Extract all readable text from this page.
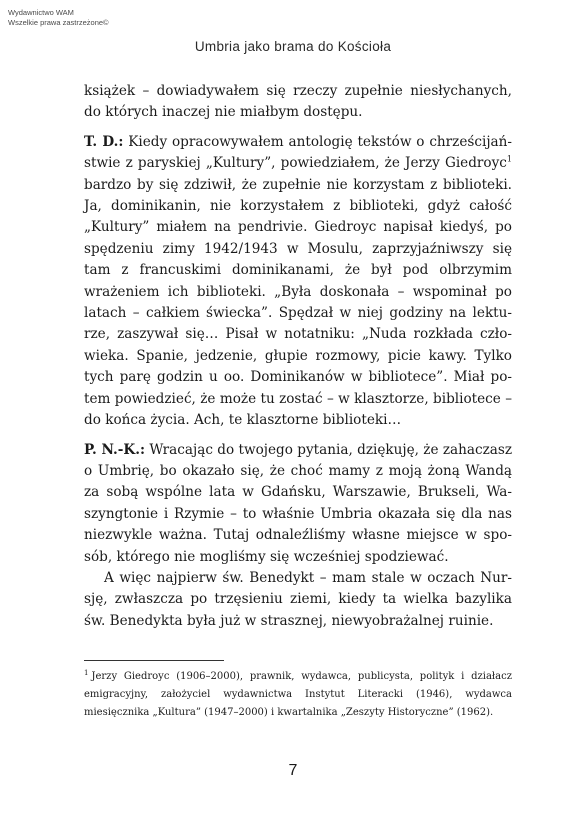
Wydawnictwo WAM
Wszelkie prawa zastrzeżone©
Umbria jako brama do Kościoła

książek – dowiadywałem się rzeczy zupełnie niesłychanych, do których inaczej nie miałbym dostępu.

T. D.: Kiedy opracowywałem antologię tekstów o chrześcijaństwie z paryskiej „Kultury”, powiedziałem, że Jerzy Giedroyc$^1$ bardzo by się zdziwił, że zupełnie nie korzystam z biblioteki. Ja, dominikanin, nie korzystałem z biblioteki, gdyż całość „Kultury” miałem na pendrivie. Giedroyc napisał kiedyś, po spędzeniu zimy 1942/1943 w Mosulu, zaprzyjaźniwszy się tam z francuskimi dominikanami, że był pod olbrzymim wrażeniem ich biblioteki. „Była doskonała – wspominał po latach – całkiem świecka”. Spędzał w niej godziny na lekturze, zaszywał się… Pisał w notatniku: „Nuda rozkłada człowieka. Spanie, jedzenie, głupie rozmowy, picie kawy. Tylko tych parę godzin u oo. Dominikanów w bibliotece”. Miał potem powiedzieć, że może tu zostać – w klasztorze, bibliotece – do końca życia. Ach, te klasztorne biblioteki…

P. N.-K.: Wracając do twojego pytania, dziękuję, że zahaczasz o Umbrię, bo okazało się, że choć mamy z moją żoną Wandą za sobą wspólne lata w Gdańsku, Warszawie, Brukseli, Waszyngtonie i Rzymie – to właśnie Umbria okazała się dla nas niezwykle ważna. Tutaj odnaleźliśmy własne miejsce w sposób, którego nie mogliśmy się wcześniej spodziewać.

A więc najpierw św. Benedykt – mam stale w oczach Nursję, zwłaszcza po trzęsieniu ziemi, kiedy ta wielka bazylika św. Benedykta była już w strasznej, niewyobrażalnej ruinie.

$^1$ Jerzy Giedroyc (1906–2000), prawnik, wydawca, publicysta, polityk i działacz emigracyjny, założyciel wydawnictwa Instytut Literacki (1946), wydawca miesięcznika „Kultura” (1947–2000) i kwartalnika „Zeszyty Historyczne” (1962).
7
